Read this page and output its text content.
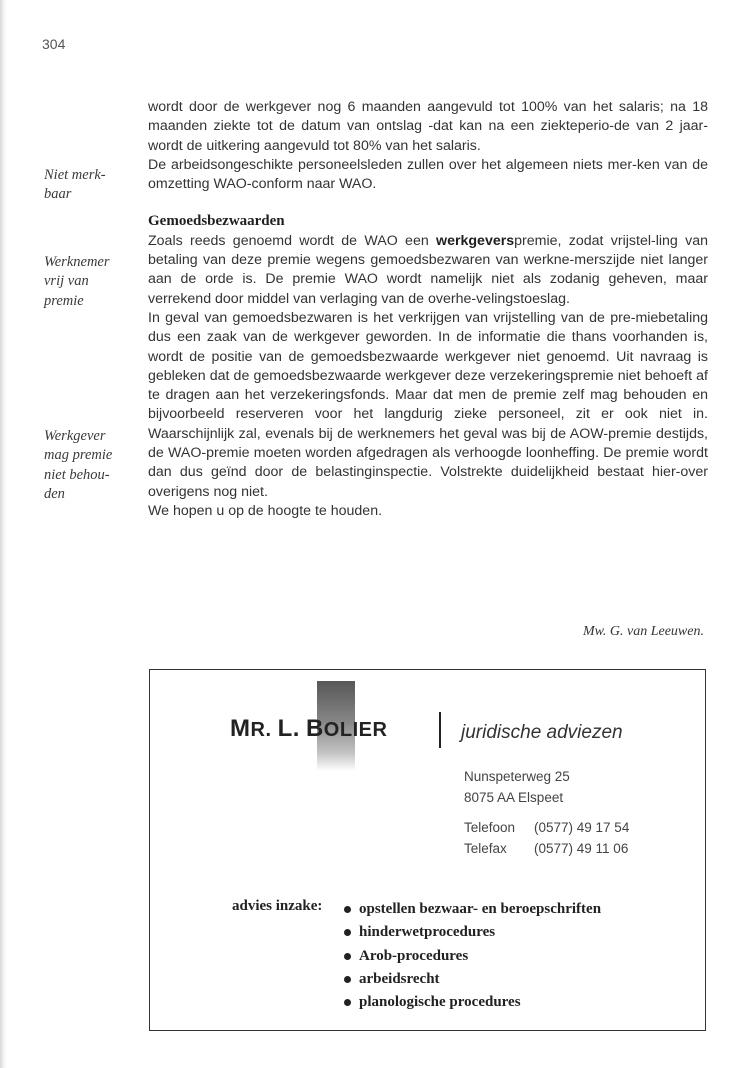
304
Niet merk-
baar
Werknemer
vrij van
premie
Werkgever
mag premie
niet behou-
den

wordt door de werkgever nog 6 maanden aangevuld tot 100% van het salaris; na 18 maanden ziekte tot de datum van ontslag -dat kan na een ziekteperio-de van 2 jaar- wordt de uitkering aangevuld tot 80% van het salaris.

De arbeidsongeschikte personeelsleden zullen over het algemeen niets mer-ken van de omzetting WAO-conform naar WAO.

Gemoedsbezwaarden

Zoals reeds genoemd wordt de WAO een werkgeverspremie, zodat vrijstel-ling van betaling van deze premie wegens gemoedsbezwaren van werkne-merszijde niet langer aan de orde is. De premie WAO wordt namelijk niet als zodanig geheven, maar verrekend door middel van verlaging van de overhe-velingstoeslag.

In geval van gemoedsbezwaren is het verkrijgen van vrijstelling van de pre-miebetaling dus een zaak van de werkgever geworden. In de informatie die thans voorhanden is, wordt de positie van de gemoedsbezwaarde werkgever niet genoemd. Uit navraag is gebleken dat de gemoedsbezwaarde werkgever deze verzekeringspremie niet behoeft af te dragen aan het verzekeringsfonds. Maar dat men de premie zelf mag behouden en bijvoorbeeld reserveren voor het langdurig zieke personeel, zit er ook niet in. Waarschijnlijk zal, evenals bij de werknemers het geval was bij de AOW-premie destijds, de WAO-premie moeten worden afgedragen als verhoogde loonheffing. De premie wordt dan dus geïnd door de belastinginspectie. Volstrekte duidelijkheid bestaat hier-over overigens nog niet.

We hopen u op de hoogte te houden.

Mw. G. van Leeuwen.
MR. L. BOLIER	juridische adviezen
Nunspeterweg 25
8075 AA Elspeet
Telefoon (0577) 49 17 54
Telefax (0577) 49 11 06
advies inzake:	opstellen bezwaar- en beroepschriften
hinderwetprocedures
Arob-procedures
arbeidsrecht
planologische procedures
